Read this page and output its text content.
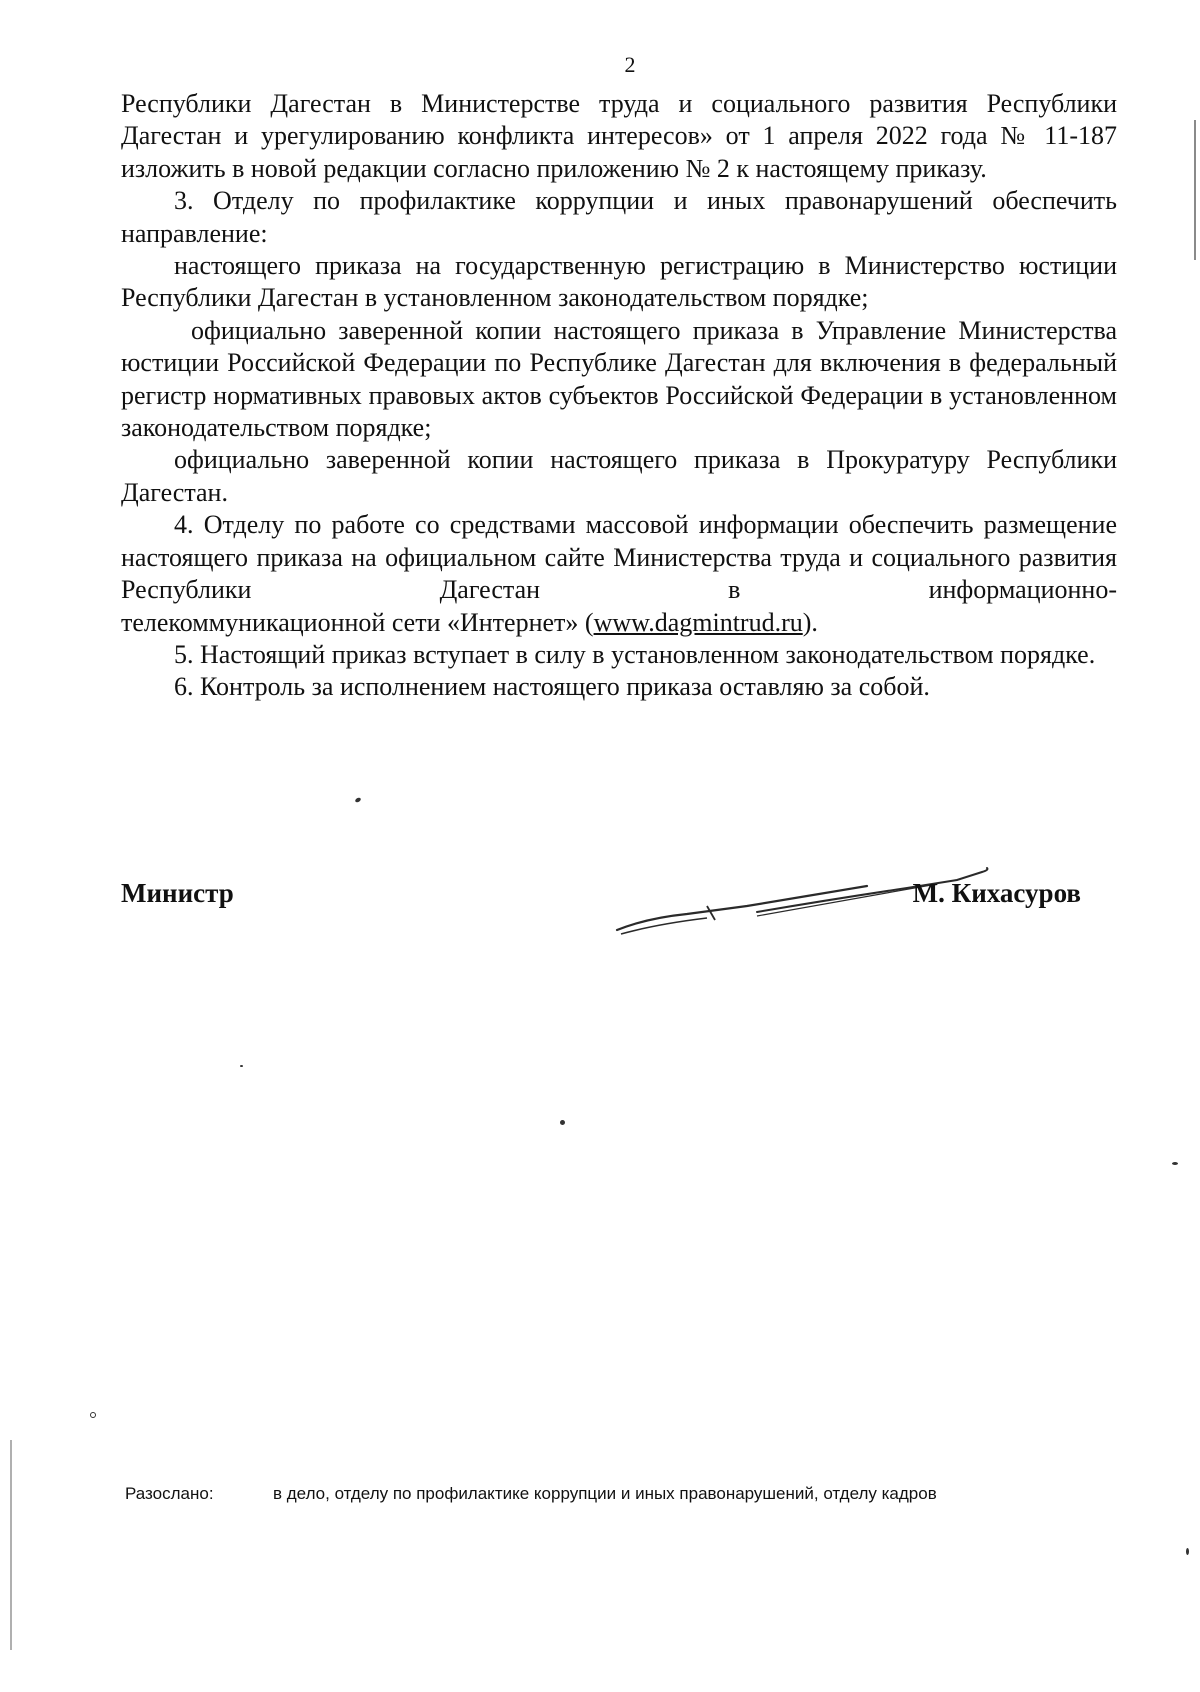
2

Республики Дагестан в Министерстве труда и социального развития Республики Дагестан и урегулированию конфликта интересов» от 1 апреля 2022 года № 11-187 изложить в новой редакции согласно приложению № 2 к настоящему приказу.

3. Отделу по профилактике коррупции и иных правонарушений обеспечить направление:

настоящего приказа на государственную регистрацию в Министерство юстиции Республики Дагестан в установленном законодательством порядке;

официально заверенной копии настоящего приказа в Управление Министерства юстиции Российской Федерации по Республике Дагестан для включения в федеральный регистр нормативных правовых актов субъектов Российской Федерации в установленном законодательством порядке;

официально заверенной копии настоящего приказа в Прокуратуру Республики Дагестан.

4. Отделу по работе со средствами массовой информации обеспечить размещение настоящего приказа на официальном сайте Министерства труда и социального развития Республики Дагестан в информационно-

телекоммуникационной сети «Интернет» (www.dagmintrud.ru).

5. Настоящий приказ вступает в силу в установленном законодательством порядке.

6. Контроль за исполнением настоящего приказа оставляю за собой.

Министр	М. Кихасуров
Разослано:	в дело, отделу по профилактике коррупции и иных правонарушений, отделу кадров
